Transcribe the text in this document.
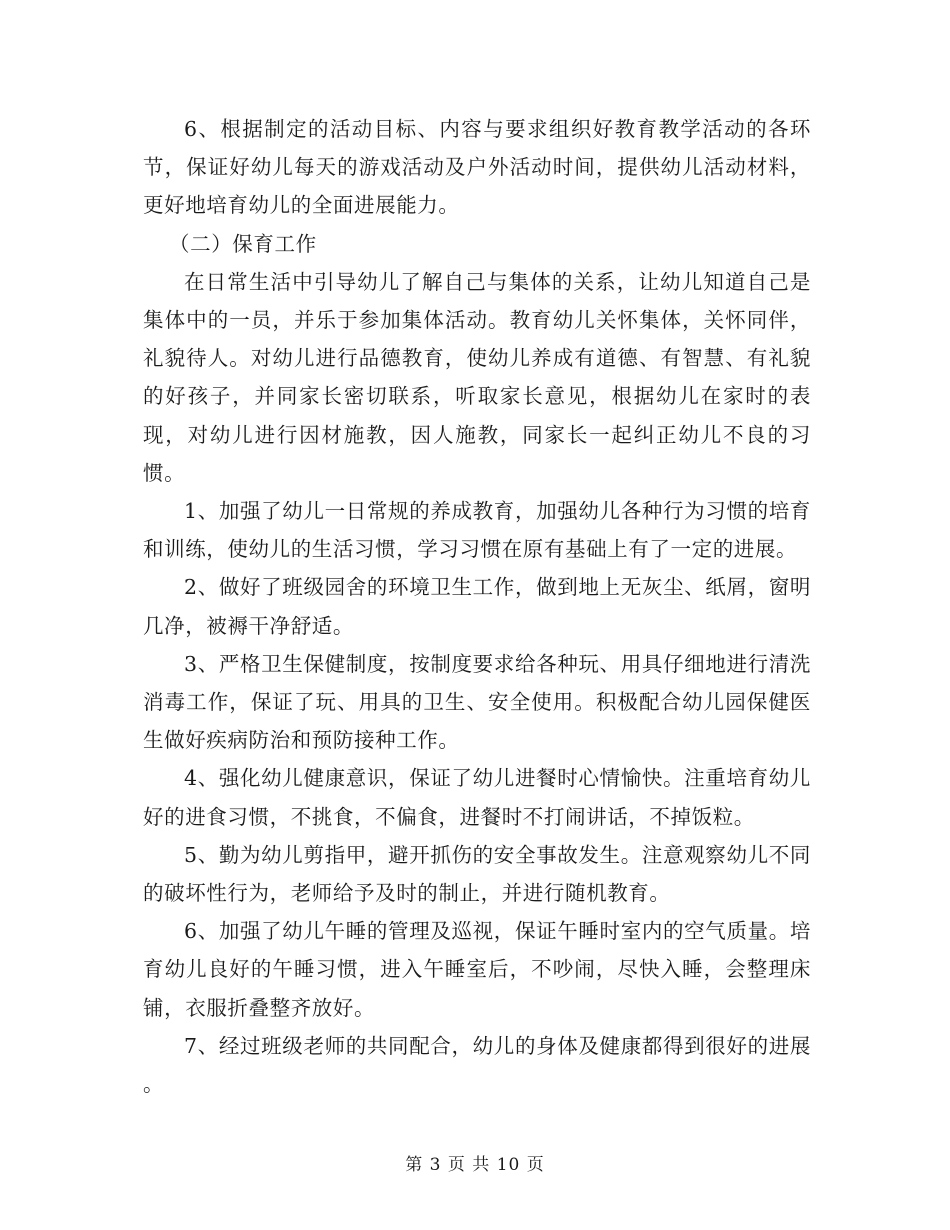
6、根据制定的活动目标、内容与要求组织好教育教学活动的各环节，保证好幼儿每天的游戏活动及户外活动时间，提供幼儿活动材料，更好地培育幼儿的全面进展能力。

（二）保育工作

在日常生活中引导幼儿了解自己与集体的关系，让幼儿知道自己是集体中的一员，并乐于参加集体活动。教育幼儿关怀集体，关怀同伴，礼貌待人。对幼儿进行品德教育，使幼儿养成有道德、有智慧、有礼貌的好孩子，并同家长密切联系，听取家长意见，根据幼儿在家时的表现，对幼儿进行因材施教，因人施教，同家长一起纠正幼儿不良的习惯。

1、加强了幼儿一日常规的养成教育，加强幼儿各种行为习惯的培育和训练，使幼儿的生活习惯，学习习惯在原有基础上有了一定的进展。

2、做好了班级园舍的环境卫生工作，做到地上无灰尘、纸屑，窗明几净，被褥干净舒适。

3、严格卫生保健制度，按制度要求给各种玩、用具仔细地进行清洗消毒工作，保证了玩、用具的卫生、安全使用。积极配合幼儿园保健医生做好疾病防治和预防接种工作。

4、强化幼儿健康意识，保证了幼儿进餐时心情愉快。注重培育幼儿好的进食习惯，不挑食，不偏食，进餐时不打闹讲话，不掉饭粒。

5、勤为幼儿剪指甲，避开抓伤的安全事故发生。注意观察幼儿不同的破坏性行为，老师给予及时的制止，并进行随机教育。

6、加强了幼儿午睡的管理及巡视，保证午睡时室内的空气质量。培育幼儿良好的午睡习惯，进入午睡室后，不吵闹，尽快入睡，会整理床铺，衣服折叠整齐放好。

7、经过班级老师的共同配合，幼儿的身体及健康都得到很好的进展 。

第 3 页 共 10 页
